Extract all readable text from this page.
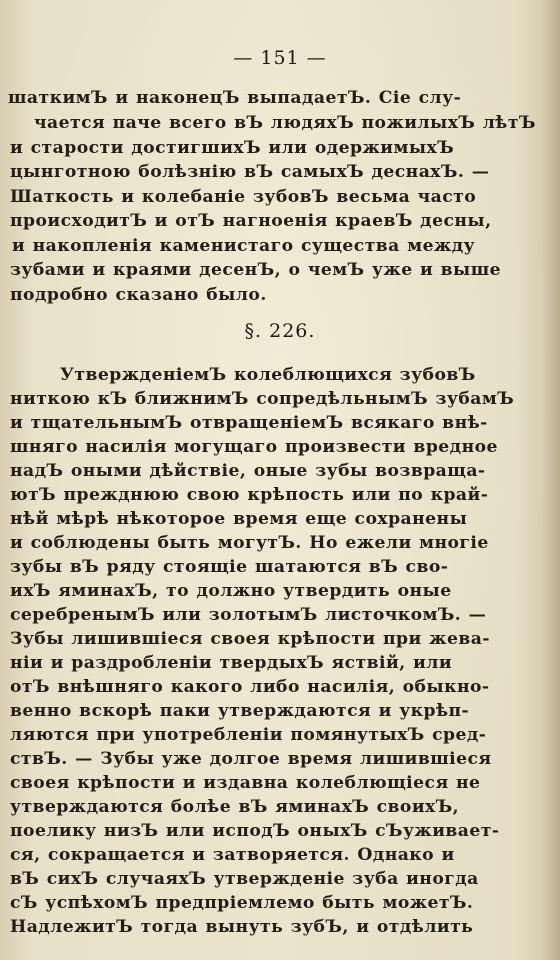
— 151 —
шаткимЪ и наконецЪ выпадаетЪ. Сіе слу-
чается паче всего вЪ людяхЪ пожилыхЪ лѣтЪ
и старости достигшихЪ или одержимыхЪ
цынготною болѣзнію вЪ самыхЪ деснахЪ. —
Шаткость и колебаніе зубовЪ весьма часто
происходитЪ и отЪ нагноенія краевЪ десны,
и накопленія каменистаго существа между
зубами и краями десенЪ, о чемЪ уже и выше
подробно сказано было.
§. 226.
УтвержденіемЪ колеблющихся зубовЪ
ниткою кЪ ближнимЪ сопредѣльнымЪ зубамЪ
и тщательнымЪ отвращеніемЪ всякаго внѣ-
шняго насилія могущаго произвести вредное
надЪ оными дѣйствіе, оные зубы возвраща-
ютЪ прежднюю свою крѣпость или по край-
нѣй мѣрѣ нѣкоторое время еще сохранены
и соблюдены быть могутЪ. Но ежели многіе
зубы вЪ ряду стоящіе шатаются вЪ сво-
ихЪ яминахЪ, то должно утвердить оные
серебренымЪ или золотымЪ листочкомЪ. —
Зубы лишившіеся своея крѣпости при жева-
ніи и раздробленіи твердыхЪ яствій, или
отЪ внѣшняго какого либо насилія, обыкно-
венно вскорѣ паки утверждаются и укрѣп-
ляются при употребленіи помянутыхЪ сред-
ствЪ. — Зубы уже долгое время лишившіеся
своея крѣпости и издавна колеблющіеся не
утверждаются болѣе вЪ яминахЪ своихЪ,
поелику низЪ или исподЪ оныхЪ сЪуживает-
ся, сокращается и затворяется. Однако и
вЪ сихЪ случаяхЪ утвержденіе зуба иногда
сЪ успѣхомЪ предпріемлемо быть можетЪ.
НадлежитЪ тогда вынуть зубЪ, и отдѣлить
